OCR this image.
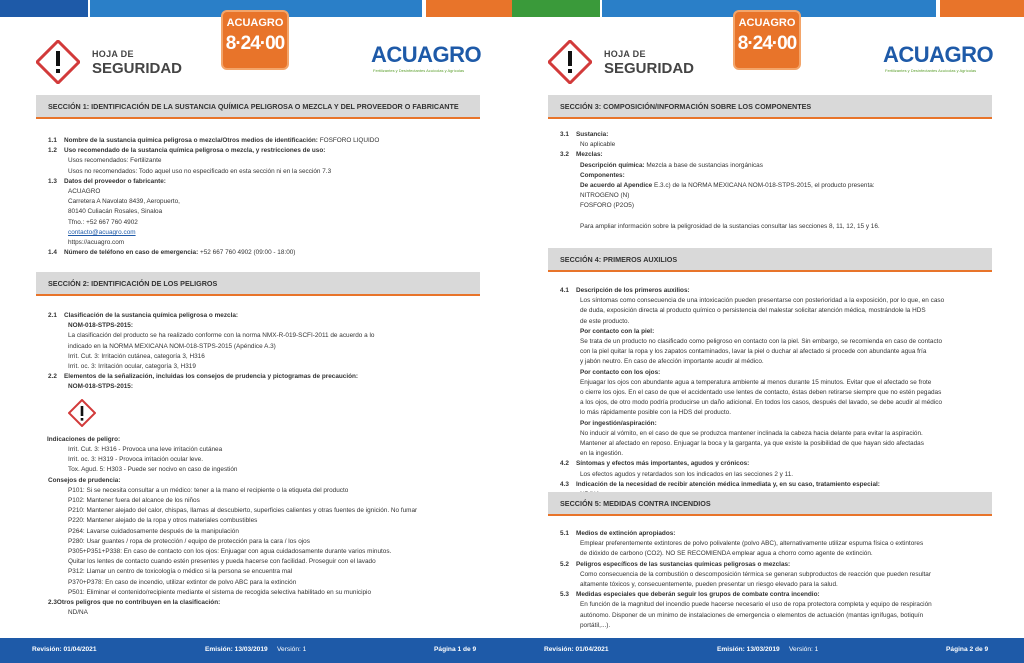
HOJA DE
SEGURIDAD
ACUAGRO
8·24·00	ACUAGRO
Fertilizantes y Desinfectantes Acuícolas y Agrícolas
SECCIÓN 1: IDENTIFICACIÓN DE LA SUSTANCIA QUÍMICA PELIGROSA O MEZCLA Y DEL PROVEEDOR O FABRICANTE
1.1 Nombre de la sustancia química peligrosa o mezcla/Otros medios de identificación: FOSFORO LIQUIDO
1.2 Uso recomendado de la sustancia química peligrosa o mezcla, y restricciones de uso:
Usos recomendados: Fertilizante
Usos no recomendados: Todo aquel uso no especificado en esta sección ni en la sección 7.3
1.3 Datos del proveedor o fabricante:
ACUAGRO
Carretera A Navolato 8439, Aeropuerto,
80140 Culiacán Rosales, Sinaloa
Tfno.: +52 667 760 4902
contacto@acuagro.com
https://acuagro.com
1.4 Número de teléfono en caso de emergencia: +52 667 760 4902 (09:00 - 18:00)
SECCIÓN 2: IDENTIFICACIÓN DE LOS PELIGROS
2.1 Clasificación de la sustancia química peligrosa o mezcla:
NOM-018-STPS-2015:
La clasificación del producto se ha realizado conforme con la norma NMX-R-019-SCFI-2011 de acuerdo a lo
indicado en la NORMA MEXICANA NOM-018-STPS-2015 (Apéndice A.3)
Irrit. Cut. 3: Irritación cutánea, categoría 3, H316
Irrit. oc. 3: Irritación ocular, categoría 3, H319
2.2 Elementos de la señalización, incluidas los consejos de prudencia y pictogramas de precaución:
NOM-018-STPS-2015:
Indicaciones de peligro:
Irrit. Cut. 3: H316 - Provoca una leve irritación cutánea
Irrit. oc. 3: H319 - Provoca irritación ocular leve.
Tox. Agud. 5: H303 - Puede ser nocivo en caso de ingestión
Consejos de prudencia:
P101: Si se necesita consultar a un médico: tener a la mano el recipiente o la etiqueta del producto
P102: Mantener fuera del alcance de los niños
P210: Mantener alejado del calor, chispas, llamas al descubierto, superficies calientes y otras fuentes de ignición. No fumar
P220: Mantener alejado de la ropa y otros materiales combustibles
P264: Lavarse cuidadosamente después de la manipulación
P280: Usar guantes / ropa de protección / equipo de protección para la cara / los ojos
P305+P351+P338: En caso de contacto con los ojos: Enjuagar con agua cuidadosamente durante varios minutos.
Quitar los lentes de contacto cuando estén presentes y pueda hacerse con facilidad. Proseguir con el lavado
P312: Llamar un centro de toxicología o médico si la persona se encuentra mal
P370+P378: En caso de incendio, utilizar extintor de polvo ABC para la extinción
P501: Eliminar el contenido/recipiente mediante el sistema de recogida selectiva habilitado en su municipio
2.3Otros peligros que no contribuyen en la clasificación:
ND/NA
Revisión: 01/04/2021	Emisión: 13/03/2019 Versión: 1	Página 1 de 9
HOJA DE
SEGURIDAD
ACUAGRO
8·24·00	ACUAGRO
Fertilizantes y Desinfectantes Acuícolas y Agrícolas
SECCIÓN 3: COMPOSICIÓN/INFORMACIÓN SOBRE LOS COMPONENTES
3.1 Sustancia:
No aplicable
3.2 Mezclas:
Descripción química: Mezcla a base de sustancias inorgánicas
Componentes:
De acuerdo al Apendice E.3.c) de la NORMA MEXICANA NOM-018-STPS-2015, el producto presenta:
NITROGENO (N)
FOSFORO (P2O5)
Para ampliar información sobre la peligrosidad de la sustancias consultar las secciones 8, 11, 12, 15 y 16.
SECCIÓN 4: PRIMEROS AUXILIOS
4.1 Descripción de los primeros auxilios:
Los síntomas como consecuencia de una intoxicación pueden presentarse con posterioridad a la exposición, por lo que, en caso
de duda, exposición directa al producto químico o persistencia del malestar solicitar atención médica, mostrándole la HDS
de este producto.
Por contacto con la piel:
Se trata de un producto no clasificado como peligroso en contacto con la piel. Sin embargo, se recomienda en caso de contacto
con la piel quitar la ropa y los zapatos contaminados, lavar la piel o duchar al afectado si procede con abundante agua fría
y jabón neutro. En caso de afección importante acudir al médico.
Por contacto con los ojos:
Enjuagar los ojos con abundante agua a temperatura ambiente al menos durante 15 minutos. Evitar que el afectado se frote
o cierre los ojos. En el caso de que el accidentado use lentes de contacto, éstas deben retirarse siempre que no estén pegadas
a los ojos, de otro modo podría producirse un daño adicional. En todos los casos, después del lavado, se debe acudir al médico
lo más rápidamente posible con la HDS del producto.
Por ingestión/aspiración:
No inducir al vómito, en el caso de que se produzca mantener inclinada la cabeza hacia delante para evitar la aspiración.
Mantener al afectado en reposo. Enjuagar la boca y la garganta, ya que existe la posibilidad de que hayan sido afectadas
en la ingestión.
4.2 Síntomas y efectos más importantes, agudos y crónicos:
Los efectos agudos y retardados son los indicados en las secciones 2 y 11.
4.3 Indicación de la necesidad de recibir atención médica inmediata y, en su caso, tratamiento especial:
SECCIÓN 5: MEDIDAS CONTRA INCENDIOS
5.1 Medios de extinción apropiados:
Emplear preferentemente extintores de polvo polivalente (polvo ABC), alternativamente utilizar espuma física o extintores
de dióxido de carbono (CO2). NO SE RECOMIENDA emplear agua a chorro como agente de extinción.
5.2 Peligros específicos de las sustancias químicas peligrosas o mezclas:
Como consecuencia de la combustión o descomposición térmica se generan subproductos de reacción que pueden resultar
altamente tóxicos y, consecuentemente, pueden presentar un riesgo elevado para la salud.
5.3 Medidas especiales que deberán seguir los grupos de combate contra incendio:
En función de la magnitud del incendio puede hacerse necesario el uso de ropa protectora completa y equipo de respiración
autónomo. Disponer de un mínimo de instalaciones de emergencia o elementos de actuación (mantas ignífugas, botiquín
portátil,...).
Revisión: 01/04/2021	Emisión: 13/03/2019 Versión: 1	Página 2 de 9
